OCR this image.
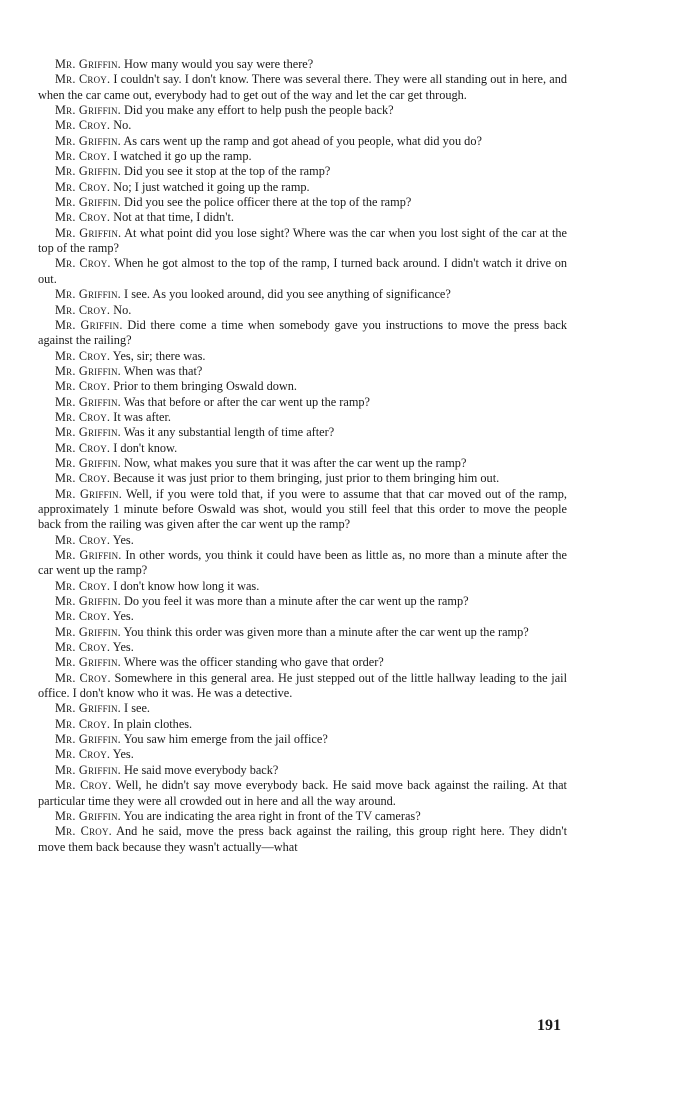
Mr. Griffin. How many would you say were there?

Mr. Croy. I couldn't say. I don't know. There was several there. They were all standing out in here, and when the car came out, everybody had to get out of the way and let the car get through.

Mr. Griffin. Did you make any effort to help push the people back?

Mr. Croy. No.

Mr. Griffin. As cars went up the ramp and got ahead of you people, what did you do?

Mr. Croy. I watched it go up the ramp.

Mr. Griffin. Did you see it stop at the top of the ramp?

Mr. Croy. No; I just watched it going up the ramp.

Mr. Griffin. Did you see the police officer there at the top of the ramp?

Mr. Croy. Not at that time, I didn't.

Mr. Griffin. At what point did you lose sight? Where was the car when you lost sight of the car at the top of the ramp?

Mr. Croy. When he got almost to the top of the ramp, I turned back around. I didn't watch it drive on out.

Mr. Griffin. I see. As you looked around, did you see anything of significance?

Mr. Croy. No.

Mr. Griffin. Did there come a time when somebody gave you instructions to move the press back against the railing?

Mr. Croy. Yes, sir; there was.

Mr. Griffin. When was that?

Mr. Croy. Prior to them bringing Oswald down.

Mr. Griffin. Was that before or after the car went up the ramp?

Mr. Croy. It was after.

Mr. Griffin. Was it any substantial length of time after?

Mr. Croy. I don't know.

Mr. Griffin. Now, what makes you sure that it was after the car went up the ramp?

Mr. Croy. Because it was just prior to them bringing, just prior to them bringing him out.

Mr. Griffin. Well, if you were told that, if you were to assume that that car moved out of the ramp, approximately 1 minute before Oswald was shot, would you still feel that this order to move the people back from the railing was given after the car went up the ramp?

Mr. Croy. Yes.

Mr. Griffin. In other words, you think it could have been as little as, no more than a minute after the car went up the ramp?

Mr. Croy. I don't know how long it was.

Mr. Griffin. Do you feel it was more than a minute after the car went up the ramp?

Mr. Croy. Yes.

Mr. Griffin. You think this order was given more than a minute after the car went up the ramp?

Mr. Croy. Yes.

Mr. Griffin. Where was the officer standing who gave that order?

Mr. Croy. Somewhere in this general area. He just stepped out of the little hallway leading to the jail office. I don't know who it was. He was a detective.

Mr. Griffin. I see.

Mr. Croy. In plain clothes.

Mr. Griffin. You saw him emerge from the jail office?

Mr. Croy. Yes.

Mr. Griffin. He said move everybody back?

Mr. Croy. Well, he didn't say move everybody back. He said move back against the railing. At that particular time they were all crowded out in here and all the way around.

Mr. Griffin. You are indicating the area right in front of the TV cameras?

Mr. Croy. And he said, move the press back against the railing, this group right here. They didn't move them back because they wasn't actually—what

191
